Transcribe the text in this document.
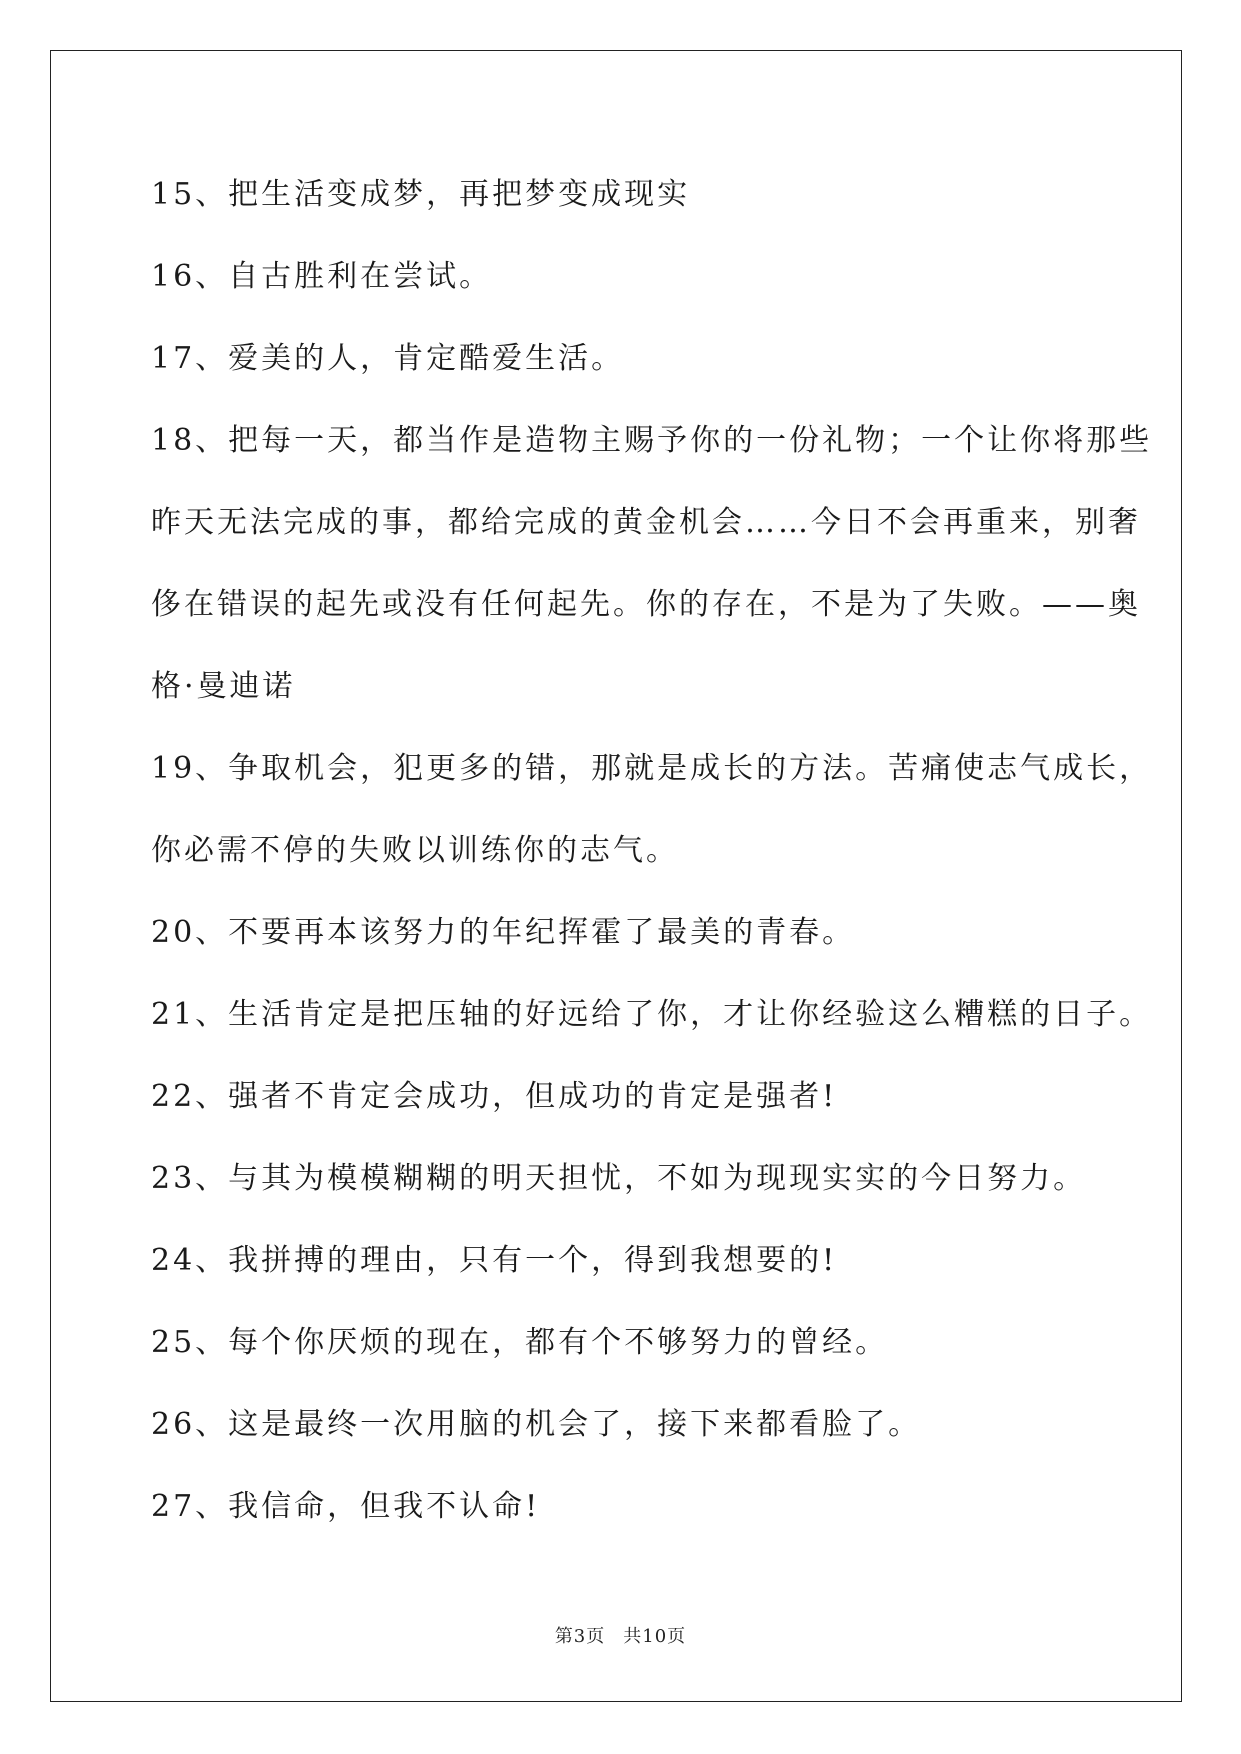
15、把生活变成梦，再把梦变成现实
16、自古胜利在尝试。
17、爱美的人，肯定酷爱生活。
18、把每一天，都当作是造物主赐予你的一份礼物；一个让你将那些
昨天无法完成的事，都给完成的黄金机会……今日不会再重来，别奢
侈在错误的起先或没有任何起先。你的存在，不是为了失败。——奥
格·曼迪诺
19、争取机会，犯更多的错，那就是成长的方法。苦痛使志气成长，
你必需不停的失败以训练你的志气。
20、不要再本该努力的年纪挥霍了最美的青春。
21、生活肯定是把压轴的好远给了你，才让你经验这么糟糕的日子。
22、强者不肯定会成功，但成功的肯定是强者!
23、与其为模模糊糊的明天担忧，不如为现现实实的今日努力。
24、我拼搏的理由，只有一个，得到我想要的!
25、每个你厌烦的现在，都有个不够努力的曾经。
26、这是最终一次用脑的机会了，接下来都看脸了。
27、我信命，但我不认命!
第3页 共10页
